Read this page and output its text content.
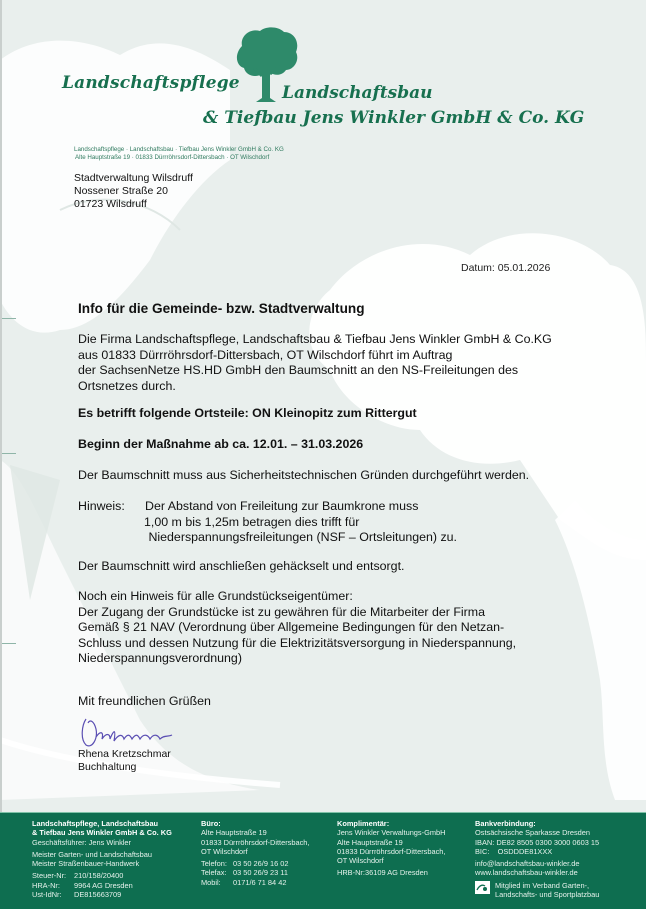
Landschaftspflege Landschaftsbau
& Tiefbau Jens Winkler GmbH & Co. KG
Landschaftspflege · Landschaftsbau · Tiefbau Jens Winkler GmbH & Co. KG
Alte Hauptstraße 19 · 01833 Dürrröhrsdorf-Dittersbach · OT Wilschdorf
Stadtverwaltung Wilsdruff
Nossener Straße 20
01723 Wilsdruff
Datum: 05.01.2026
Info für die Gemeinde- bzw. Stadtverwaltung
Die Firma Landschaftspflege, Landschaftsbau & Tiefbau Jens Winkler GmbH & Co.KG
aus 01833 Dürrröhrsdorf-Dittersbach, OT Wilschdorf führt im Auftrag
der SachsenNetze HS.HD GmbH den Baumschnitt an den NS-Freileitungen des
Ortsnetzes durch.
Es betrifft folgende Ortsteile: ON Kleinopitz zum Rittergut
Beginn der Maßnahme ab ca. 12.01. – 31.03.2026
Der Baumschnitt muss aus Sicherheitstechnischen Gründen durchgeführt werden.
Hinweis: Der Abstand von Freileitung zur Baumkrone muss
1,00 m bis 1,25m betragen dies trifft für
Niederspannungsfreileitungen (NSF – Ortsleitungen) zu.
Der Baumschnitt wird anschließen gehäckselt und entsorgt.
Noch ein Hinweis für alle Grundstückseigentümer:
Der Zugang der Grundstücke ist zu gewähren für die Mitarbeiter der Firma
Gemäß § 21 NAV (Verordnung über Allgemeine Bedingungen für den Netzan-
Schluss und dessen Nutzung für die Elektrizitätsversorgung in Niederspannung,
Niederspannungsverordnung)
Mit freundlichen Grüßen
Rhena Kretzschmar
Buchhaltung
Landschaftspflege, Landschaftsbau
& Tiefbau Jens Winkler GmbH & Co. KG
Geschäftsführer: Jens Winkler
Meister Garten- und Landschaftsbau
Meister Straßenbauer-Handwerk
Steuer-Nr:	210/158/20400
HRA-Nr:	9964 AG Dresden
Ust-IdNr:	DE815663709
Büro:
Alte Hauptstraße 19
01833 Dürrröhrsdorf-Dittersbach,
OT Wilschdorf
Telefon: 03 50 26/9 16 02
Telefax: 03 50 26/9 23 11
Mobil:	0171/6 71 84 42
Komplimentär:
Jens Winkler Verwaltungs-GmbH
Alte Hauptstraße 19
01833 Dürrröhrsdorf-Dittersbach,
OT Wilschdorf
HRB-Nr: 36109 AG Dresden
Bankverbindung:
Ostsächsische Sparkasse Dresden
IBAN: DE82 8505 0300 3000 0603 15
BIC:    OSDDDE81XXX
info@landschaftsbau-winkler.de
www.landschaftsbau-winkler.de
Mitglied im Verband Garten-,
Landschafts- und Sportplatzbau
